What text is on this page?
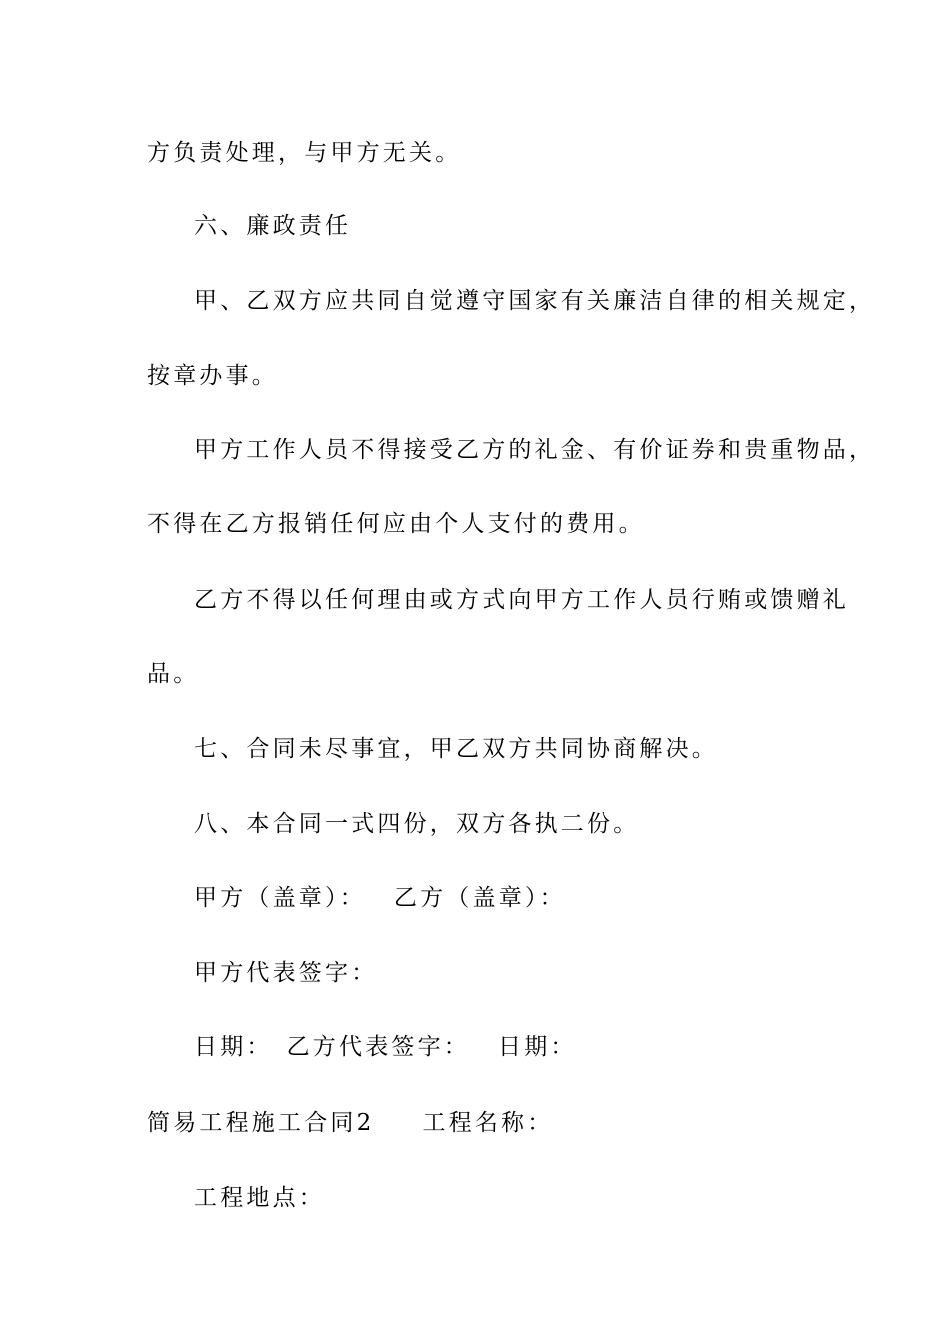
方负责处理，与甲方无关。
六、廉政责任
甲、乙双方应共同自觉遵守国家有关廉洁自律的相关规定，
按章办事。
甲方工作人员不得接受乙方的礼金、有价证券和贵重物品，
不得在乙方报销任何应由个人支付的费用。
乙方不得以任何理由或方式向甲方工作人员行贿或馈赠礼
品。
七、合同未尽事宜，甲乙双方共同协商解决。
八、本合同一式四份，双方各执二份。
甲方（盖章）： 乙方（盖章）：
甲方代表签字：
日期： 乙方代表签字： 日期：
简易工程施工合同2 工程名称：
工程地点：
